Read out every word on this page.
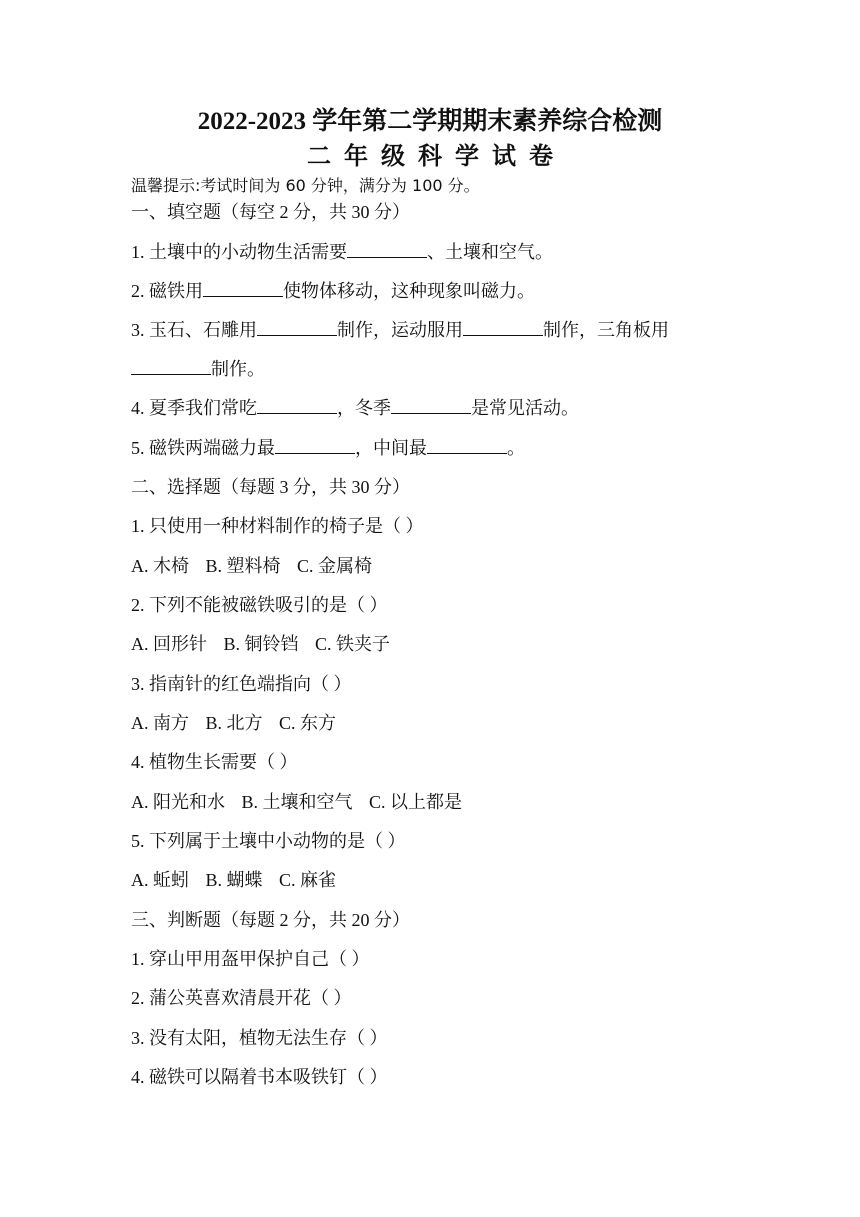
2022-2023 学年第二学期期末素养综合检测
二年级科学试卷
温馨提示:考试时间为 60 分钟，满分为 100 分。
一、填空题（每空 2 分，共 30 分）
1. 土壤中的小动物生活需要	、土壤和空气。
2. 磁铁用	使物体移动，这种现象叫磁力。
3. 玉石、石雕用	制作，运动服用	制作，三角板用
制作。
4. 夏季我们常吃	，冬季	是常见活动。
5. 磁铁两端磁力最	，中间最	。
二、选择题（每题 3 分，共 30 分）
1. 只使用一种材料制作的椅子是（ ）
A. 木椅 B. 塑料椅 C. 金属椅
2. 下列不能被磁铁吸引的是（ ）
A. 回形针 B. 铜铃铛 C. 铁夹子
3. 指南针的红色端指向（ ）
A. 南方 B. 北方 C. 东方
4. 植物生长需要（ ）
A. 阳光和水 B. 土壤和空气 C. 以上都是
5. 下列属于土壤中小动物的是（ ）
A. 蚯蚓 B. 蝴蝶 C. 麻雀
三、判断题（每题 2 分，共 20 分）
1. 穿山甲用盔甲保护自己（ ）
2. 蒲公英喜欢清晨开花（ ）
3. 没有太阳，植物无法生存（ ）
4. 磁铁可以隔着书本吸铁钉（ ）
